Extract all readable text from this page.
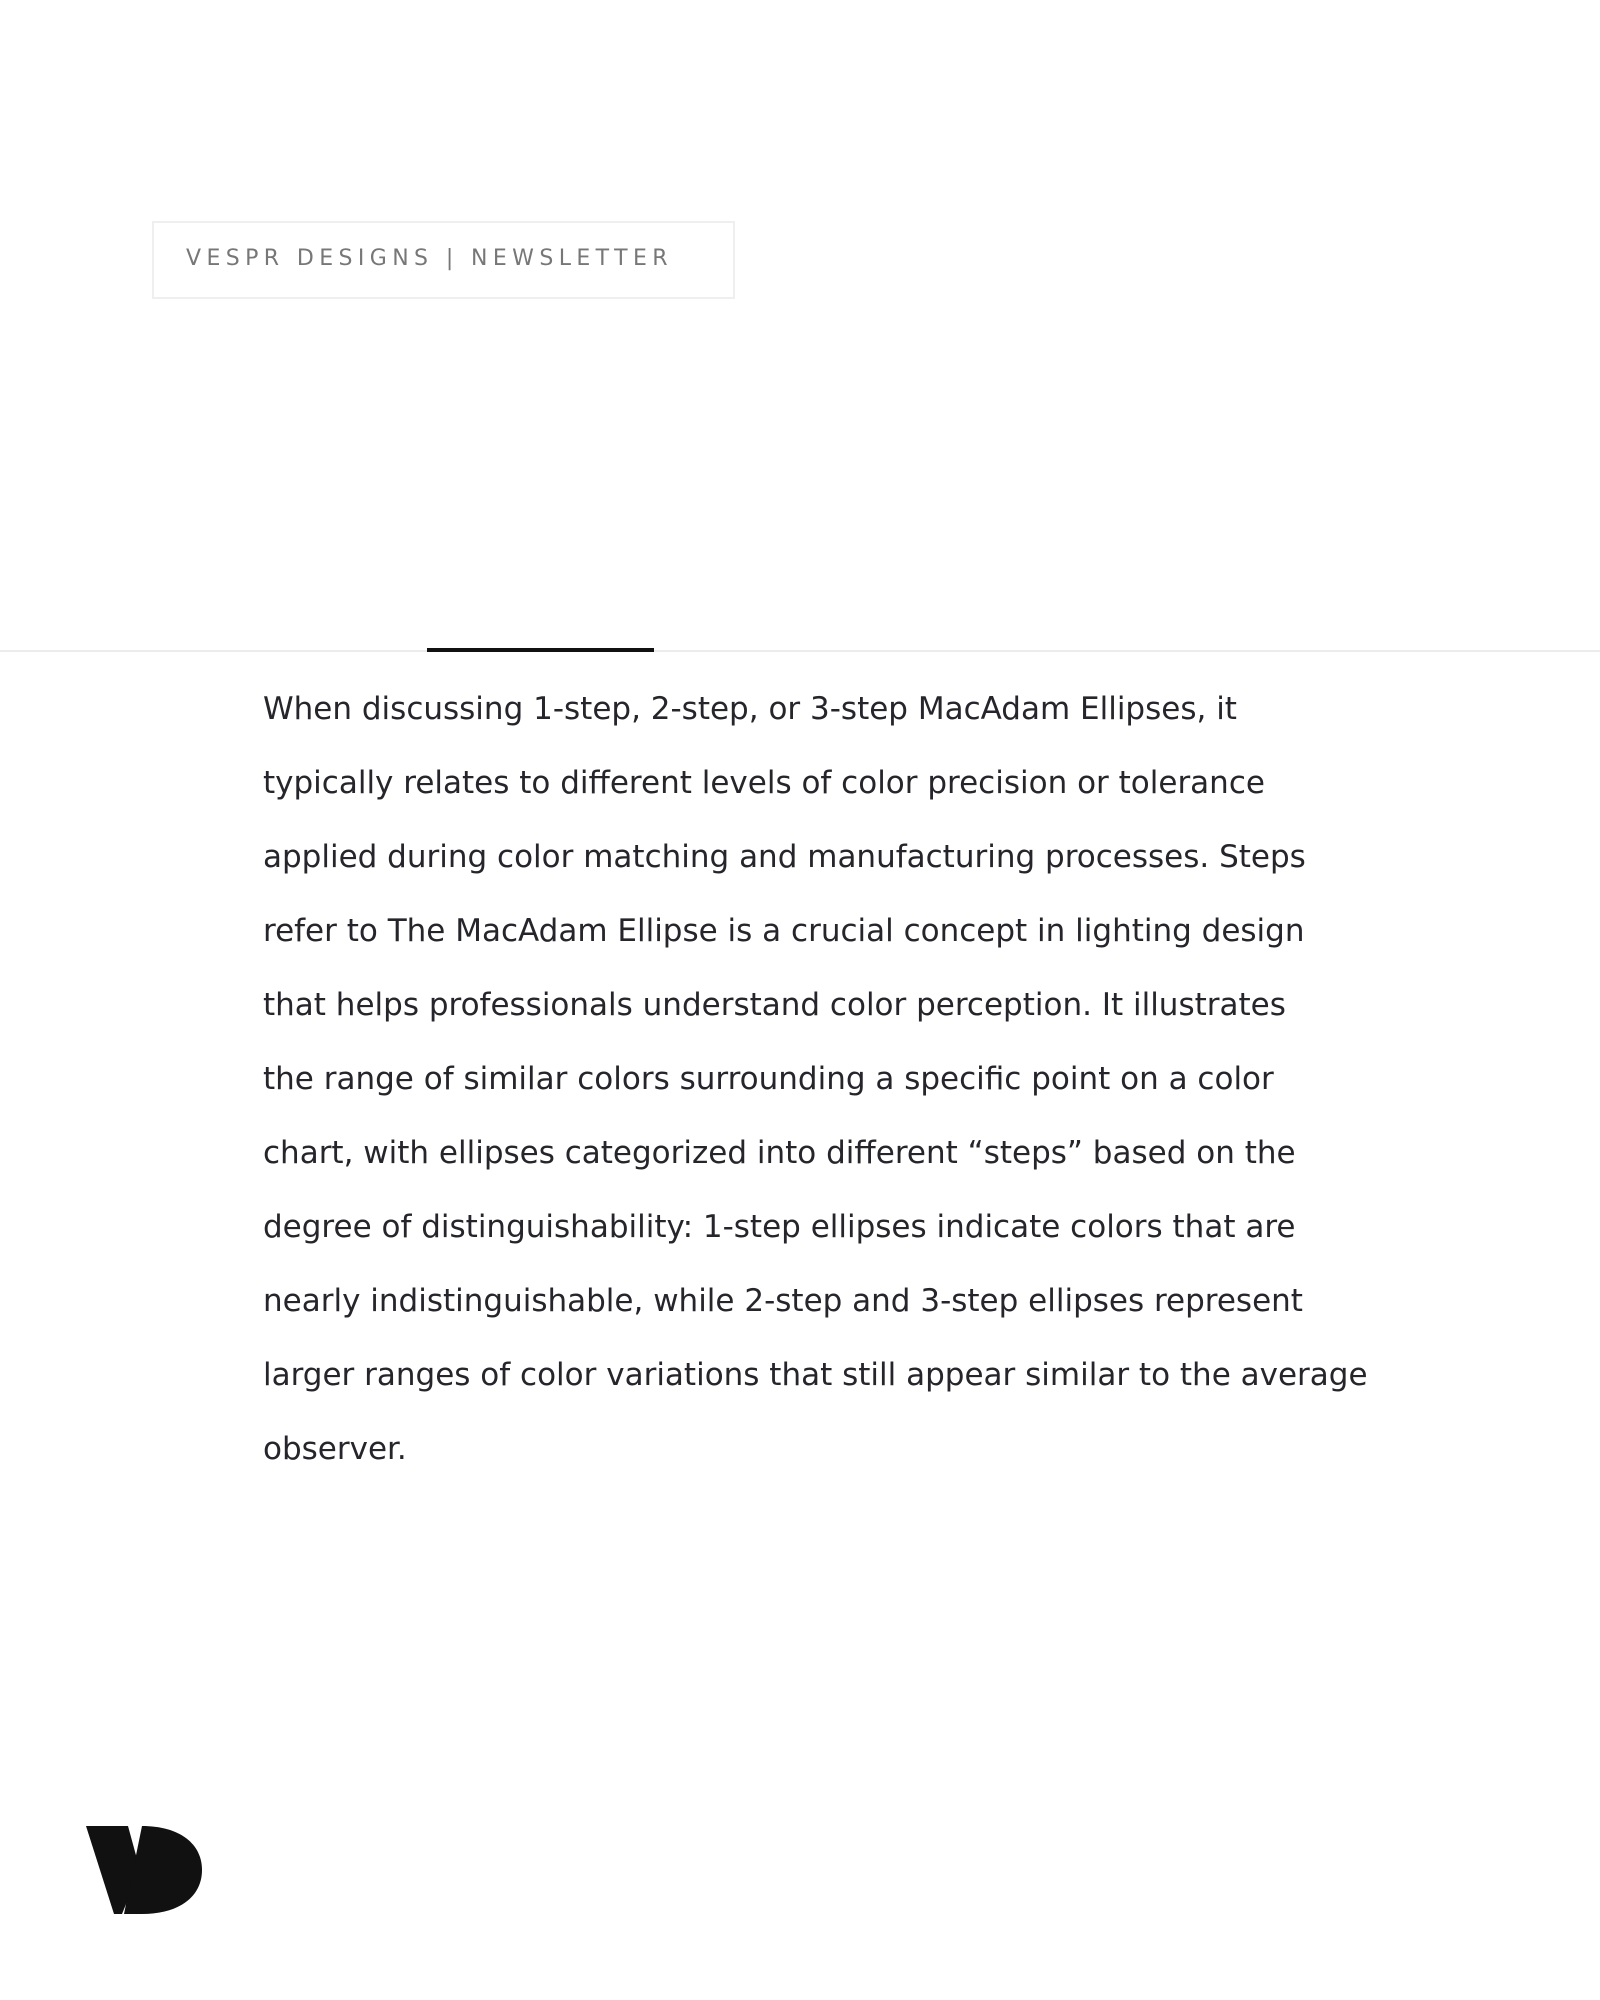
VESPR DESIGNS | NEWSLETTER

When discussing 1-step, 2-step, or 3-step MacAdam Ellipses, it
typically relates to different levels of color precision or tolerance
applied during color matching and manufacturing processes. Steps
refer to The MacAdam Ellipse is a crucial concept in lighting design
that helps professionals understand color perception. It illustrates
the range of similar colors surrounding a specific point on a color
chart, with ellipses categorized into different “steps” based on the
degree of distinguishability: 1-step ellipses indicate colors that are
nearly indistinguishable, while 2-step and 3-step ellipses represent
larger ranges of color variations that still appear similar to the average
observer.
